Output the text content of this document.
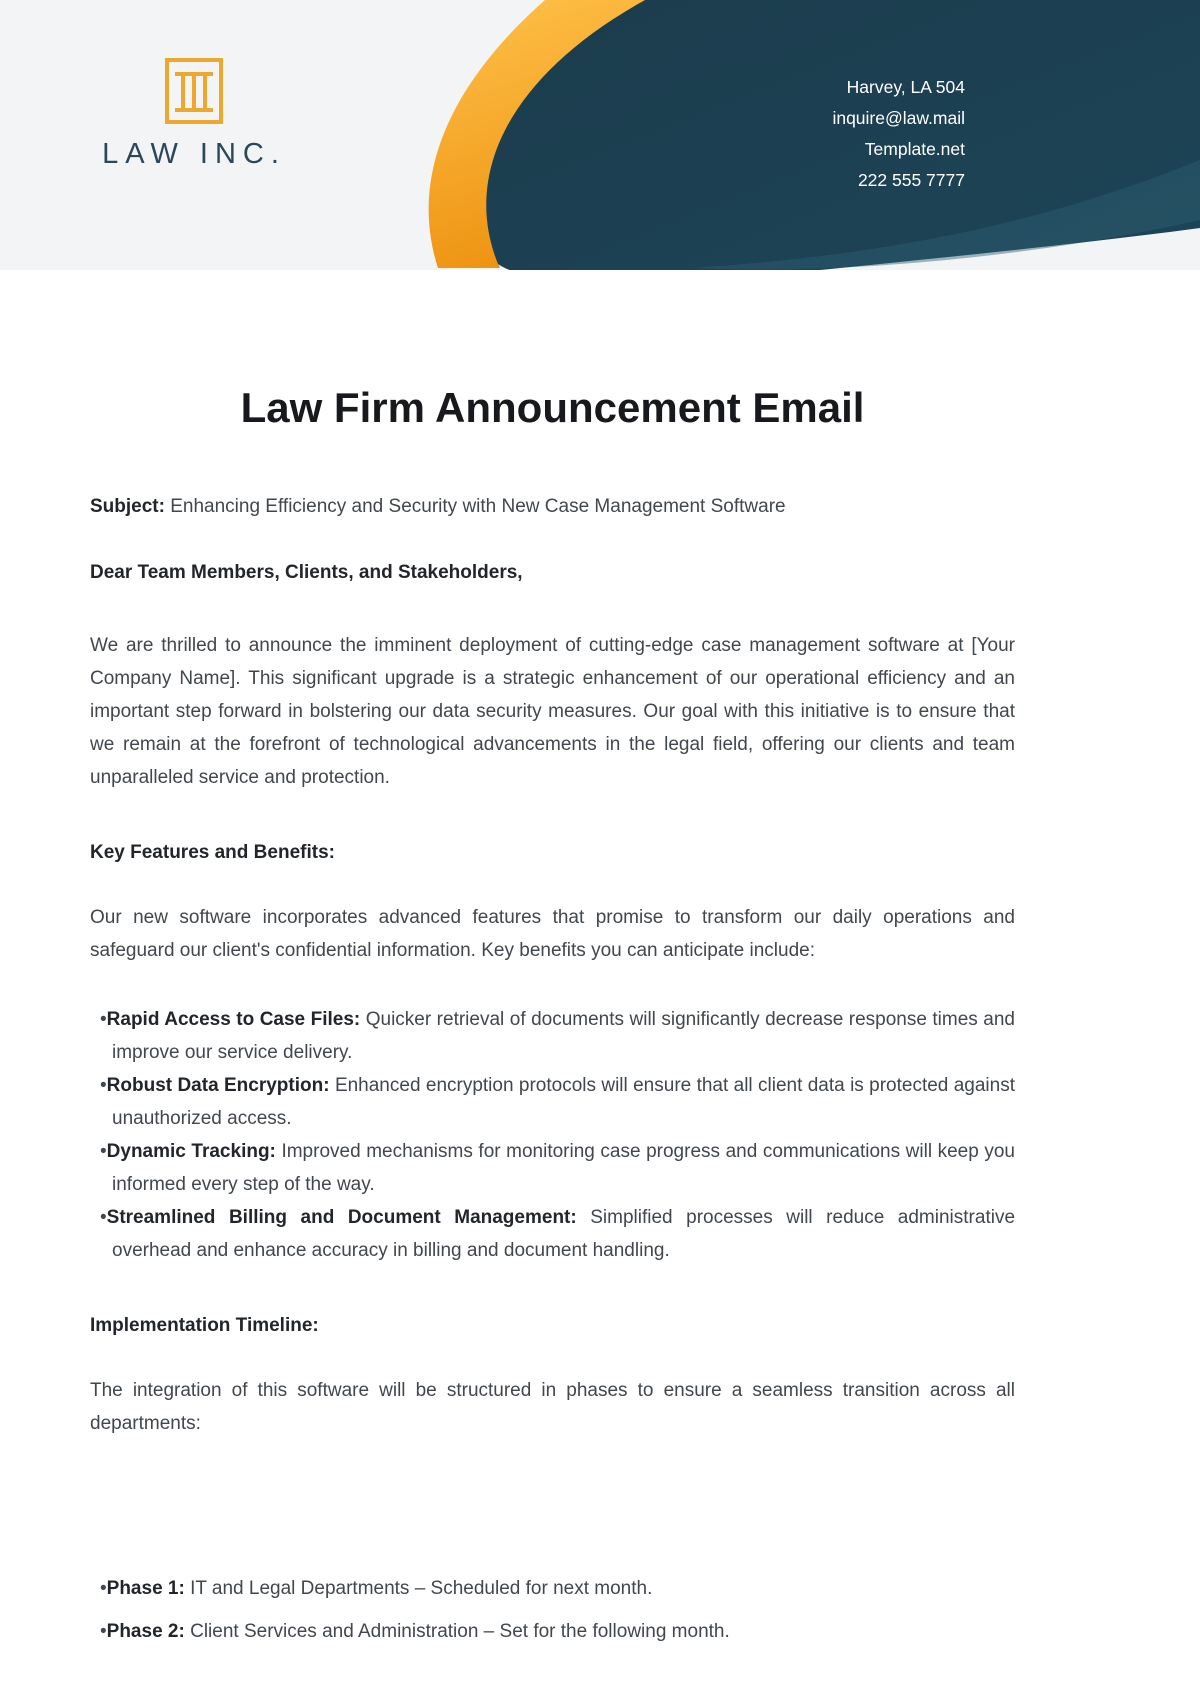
LAW INC.
Harvey, LA 504
inquire@law.mail
Template.net
222 555 7777
Law Firm Announcement Email

Subject: Enhancing Efficiency and Security with New Case Management Software

Dear Team Members, Clients, and Stakeholders,

We are thrilled to announce the imminent deployment of cutting-edge case management software at [Your Company Name]. This significant upgrade is a strategic enhancement of our operational efficiency and an important step forward in bolstering our data security measures. Our goal with this initiative is to ensure that we remain at the forefront of technological advancements in the legal field, offering our clients and team unparalleled service and protection.

Key Features and Benefits:

Our new software incorporates advanced features that promise to transform our daily operations and safeguard our client's confidential information. Key benefits you can anticipate include:

• Rapid Access to Case Files: Quicker retrieval of documents will significantly decrease response times and improve our service delivery.
• Robust Data Encryption: Enhanced encryption protocols will ensure that all client data is protected against unauthorized access.
• Dynamic Tracking: Improved mechanisms for monitoring case progress and communications will keep you informed every step of the way.
• Streamlined Billing and Document Management: Simplified processes will reduce administrative overhead and enhance accuracy in billing and document handling.

Implementation Timeline:

The integration of this software will be structured in phases to ensure a seamless transition across all departments:

• Phase 1: IT and Legal Departments – Scheduled for next month.
• Phase 2: Client Services and Administration – Set for the following month.
